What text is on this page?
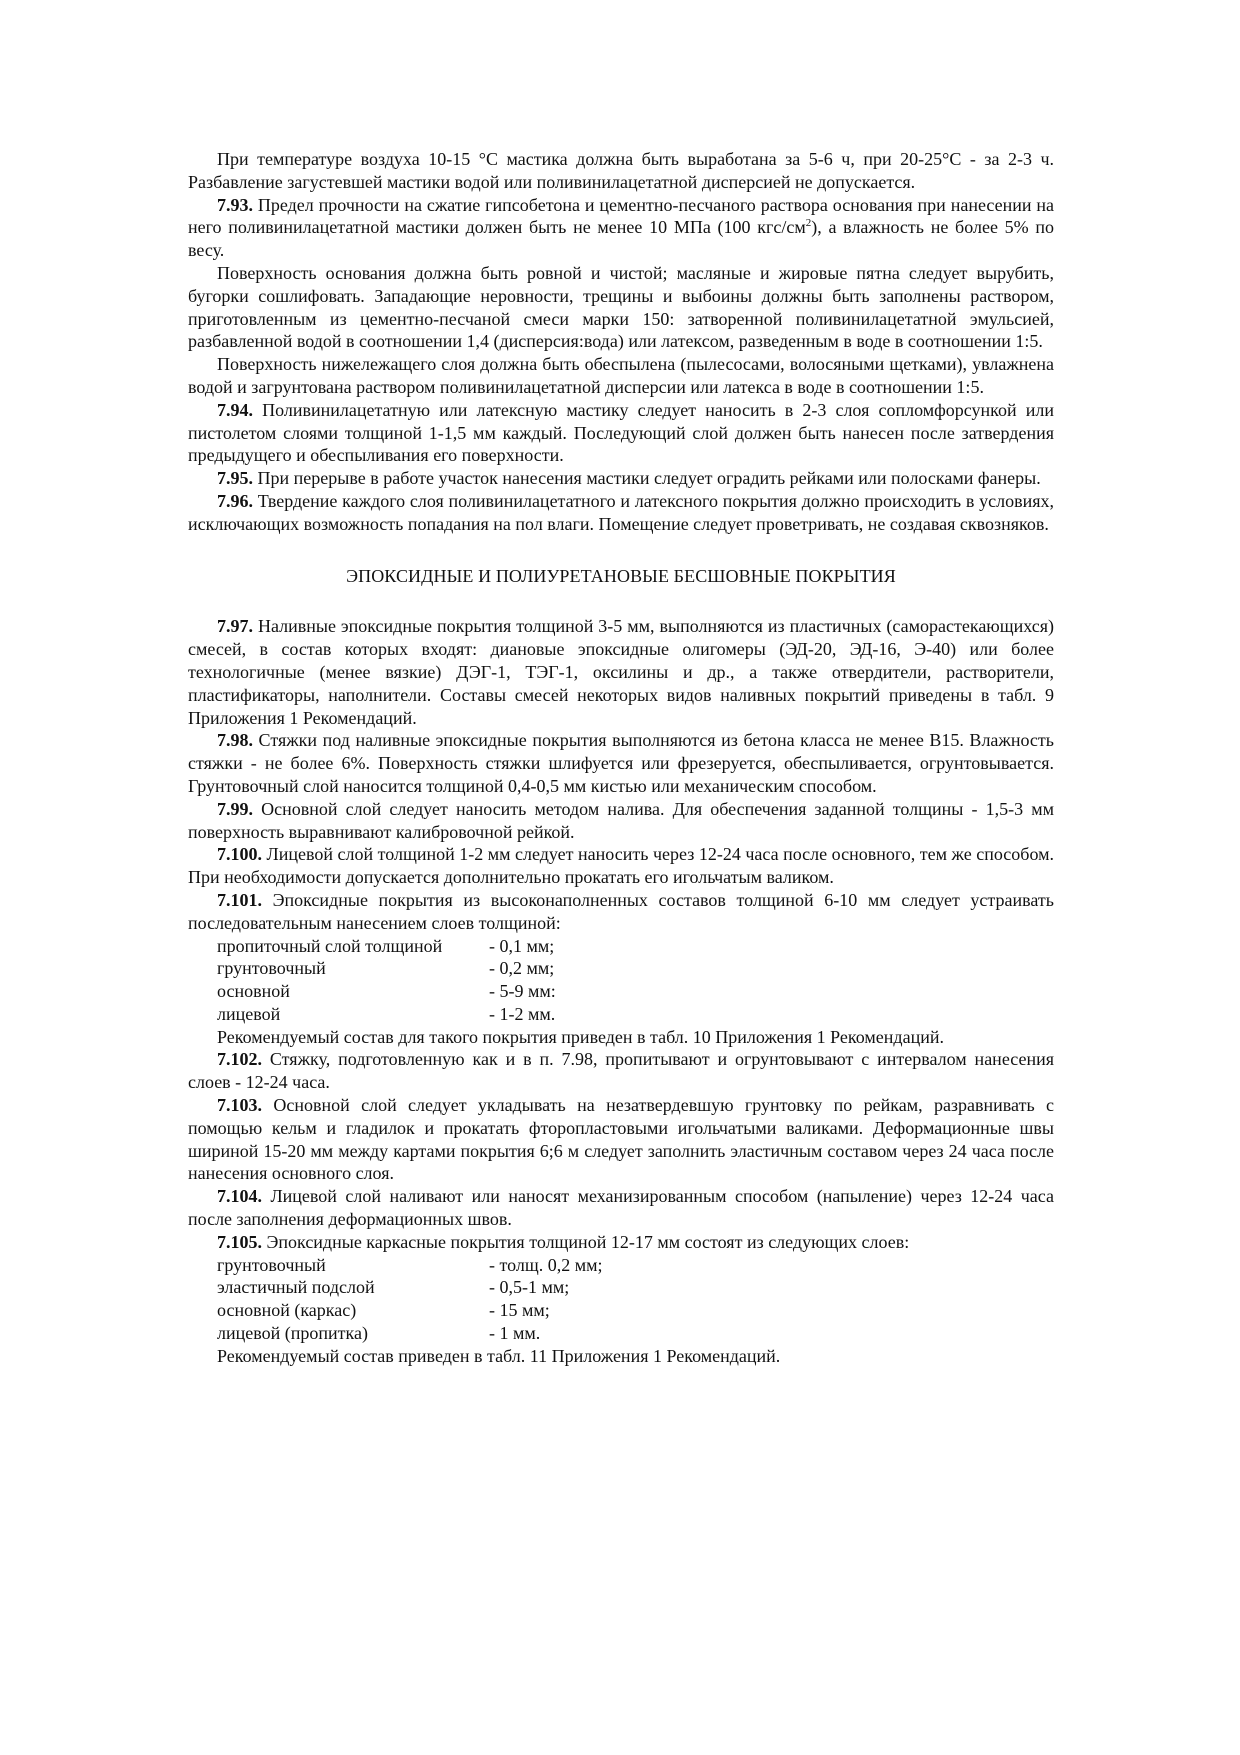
При температуре воздуха 10-15 °С мастика должна быть выработана за 5-6 ч, при 20-25°С - за 2-3 ч. Разбавление загустевшей мастики водой или поливинилацетатной дисперсией не допускается.

7.93. Предел прочности на сжатие гипсобетона и цементно-песчаного раствора основания при нанесении на него поливинилацетатной мастики должен быть не менее 10 МПа (100 кгс/$см^2$), а влажность не более 5% по весу.

Поверхность основания должна быть ровной и чистой; масляные и жировые пятна следует вырубить, бугорки сошлифовать. Западающие неровности, трещины и выбоины должны быть заполнены раствором, приготовленным из цементно-песчаной смеси марки 150: затворенной поливинилацетатной эмульсией, разбавленной водой в соотношении 1,4 (дисперсия:вода) или латексом, разведенным в воде в соотношении 1:5.

Поверхность нижележащего слоя должна быть обеспылена (пылесосами, волосяными щетками), увлажнена водой и загрунтована раствором поливинилацетатной дисперсии или латекса в воде в соотношении 1:5.

7.94. Поливинилацетатную или латексную мастику следует наносить в 2-3 слоя сопломфорсункой или пистолетом слоями толщиной 1-1,5 мм каждый. Последующий слой должен быть нанесен после затвердения предыдущего и обеспыливания его поверхности.

7.95. При перерыве в работе участок нанесения мастики следует оградить рейками или полосками фанеры.

7.96. Твердение каждого слоя поливинилацетатного и латексного покрытия должно происходить в условиях, исключающих возможность попадания на пол влаги. Помещение следует проветривать, не создавая сквозняков.

ЭПОКСИДНЫЕ И ПОЛИУРЕТАНОВЫЕ БЕСШОВНЫЕ ПОКРЫТИЯ

7.97. Наливные эпоксидные покрытия толщиной 3-5 мм, выполняются из пластичных (саморастекающихся) смесей, в состав которых входят: диановые эпоксидные олигомеры (ЭД-20, ЭД-16, Э-40) или более технологичные (менее вязкие) ДЭГ-1, ТЭГ-1, оксилины и др., а также отвердители, растворители, пластификаторы, наполнители. Составы смесей некоторых видов наливных покрытий приведены в табл. 9 Приложения 1 Рекомендаций.

7.98. Стяжки под наливные эпоксидные покрытия выполняются из бетона класса не менее В15. Влажность стяжки - не более 6%. Поверхность стяжки шлифуется или фрезеруется, обеспыливается, огрунтовывается. Грунтовочный слой наносится толщиной 0,4-0,5 мм кистью или механическим способом.

7.99. Основной слой следует наносить методом налива. Для обеспечения заданной толщины - 1,5-3 мм поверхность выравнивают калибровочной рейкой.

7.100. Лицевой слой толщиной 1-2 мм следует наносить через 12-24 часа после основного, тем же способом. При необходимости допускается дополнительно прокатать его игольчатым валиком.

7.101. Эпоксидные покрытия из высоконаполненных составов толщиной 6-10 мм следует устраивать последовательным нанесением слоев толщиной:

пропиточный слой толщиной	- 0,1 мм;
грунтовочный	- 0,2 мм;
основной	- 5-9 мм:
лицевой	- 1-2 мм.

Рекомендуемый состав для такого покрытия приведен в табл. 10 Приложения 1 Рекомендаций.

7.102. Стяжку, подготовленную как и в п. 7.98, пропитывают и огрунтовывают с интервалом нанесения слоев - 12-24 часа.

7.103. Основной слой следует укладывать на незатвердевшую грунтовку по рейкам, разравнивать с помощью кельм и гладилок и прокатать фторопластовыми игольчатыми валиками. Деформационные швы шириной 15-20 мм между картами покрытия 6;6 м следует заполнить эластичным составом через 24 часа после нанесения основного слоя.

7.104. Лицевой слой наливают или наносят механизированным способом (напыление) через 12-24 часа после заполнения деформационных швов.

7.105. Эпоксидные каркасные покрытия толщиной 12-17 мм состоят из следующих слоев:

грунтовочный	- толщ. 0,2 мм;
эластичный подслой	- 0,5-1 мм;
основной (каркас)	- 15 мм;
лицевой (пропитка)	- 1 мм.

Рекомендуемый состав приведен в табл. 11 Приложения 1 Рекомендаций.
